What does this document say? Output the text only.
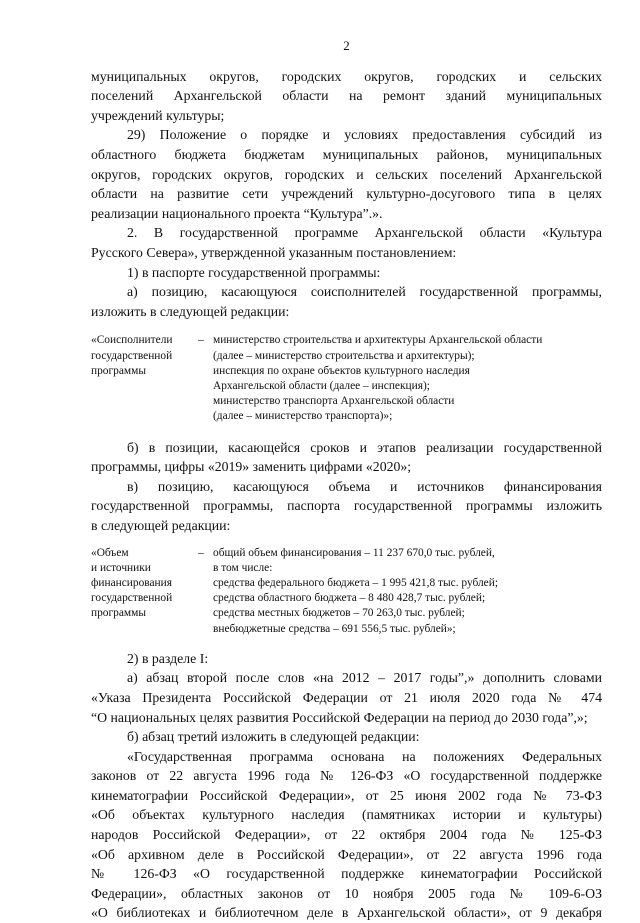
2

муниципальных округов, городских округов, городских и сельских

поселений Архангельской области на ремонт зданий муниципальных

учреждений культуры;

29) Положение о порядке и условиях предоставления субсидий из

областного бюджета бюджетам муниципальных районов, муниципальных

округов, городских округов, городских и сельских поселений Архангельской

области на развитие сети учреждений культурно-досугового типа в целях

реализации национального проекта “Культура”.».

2. В государственной программе Архангельской области «Культура

Русского Севера», утвержденной указанным постановлением:

1) в паспорте государственной программы:

а) позицию, касающуюся соисполнителей государственной программы,

изложить в следующей редакции:

«Соисполнители
государственной
программы
– министерство строительства и архитектуры Архангельской области
(далее – министерство строительства и архитектуры);
инспекция по охране объектов культурного наследия
Архангельской области (далее – инспекция);
министерство транспорта Архангельской области
(далее – министерство транспорта)»;

б) в позиции, касающейся сроков и этапов реализации государственной

программы, цифры «2019» заменить цифрами «2020»;

в) позицию, касающуюся объема и источников финансирования

государственной программы, паспорта государственной программы изложить

в следующей редакции:

«Объем
и источники
финансирования
государственной
программы
– общий объем финансирования – 11 237 670,0 тыс. рублей,
в том числе:
средства федерального бюджета – 1 995 421,8 тыс. рублей;
средства областного бюджета – 8 480 428,7 тыс. рублей;
средства местных бюджетов – 70 263,0 тыс. рублей;
внебюджетные средства – 691 556,5 тыс. рублей»;

2) в разделе I:

а) абзац второй после слов «на 2012 – 2017 годы”,» дополнить словами

«Указа Президента Российской Федерации от 21 июля 2020 года № 474

“О национальных целях развития Российской Федерации на период до 2030 года”,»;

б) абзац третий изложить в следующей редакции:

«Государственная программа основана на положениях Федеральных

законов от 22 августа 1996 года № 126-ФЗ «О государственной поддержке

кинематографии Российской Федерации», от 25 июня 2002 года № 73-ФЗ

«Об объектах культурного наследия (памятниках истории и культуры)

народов Российской Федерации», от 22 октября 2004 года № 125-ФЗ

«Об архивном деле в Российской Федерации», от 22 августа 1996 года

№ 126-ФЗ «О государственной поддержке кинематографии Российской

Федерации», областных законов от 10 ноября 2005 года № 109-6-ОЗ

«О библиотеках и библиотечном деле в Архангельской области», от 9 декабря
